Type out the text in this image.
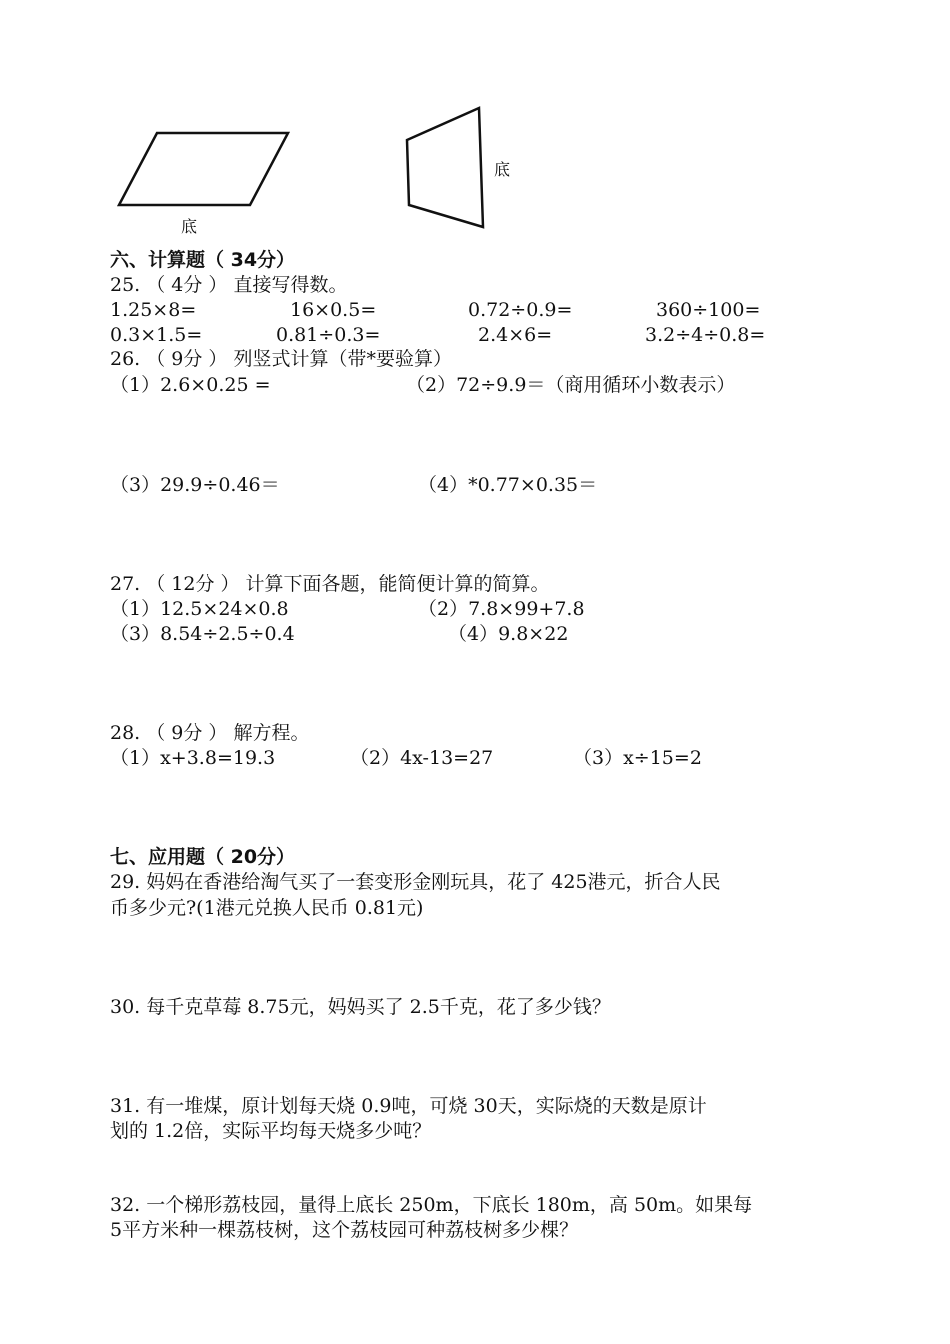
底
底
六、计算题（ 34分）
25. （ 4分 ） 直接写得数。
1.25×8=	16×0.5=	0.72÷0.9=	360÷100=
0.3×1.5=	0.81÷0.3=	2.4×6=	3.2÷4÷0.8=
26. （ 9分 ） 列竖式计算（带*要验算）
（1）2.6×0.25 =	（2）72÷9.9＝（商用循环小数表示）
（3）29.9÷0.46＝	（4）*0.77×0.35＝
27. （ 12分 ） 计算下面各题，能简便计算的简算。
（1）12.5×24×0.8	（2）7.8×99+7.8
（3）8.54÷2.5÷0.4	（4）9.8×22
28. （ 9分 ） 解方程。
（1）x+3.8=19.3	（2）4x-13=27	（3）x÷15=2
七、应用题（ 20分）
29. 妈妈在香港给淘气买了一套变形金刚玩具，花了 425港元，折合人民
币多少元?(1港元兑换人民币 0.81元)
30. 每千克草莓 8.75元，妈妈买了 2.5千克，花了多少钱？
31. 有一堆煤，原计划每天烧 0.9吨，可烧 30天，实际烧的天数是原计
划的 1.2倍，实际平均每天烧多少吨？
32. 一个梯形荔枝园，量得上底长 250m，下底长 180m，高 50m。如果每
5平方米种一棵荔枝树，这个荔枝园可种荔枝树多少棵？
